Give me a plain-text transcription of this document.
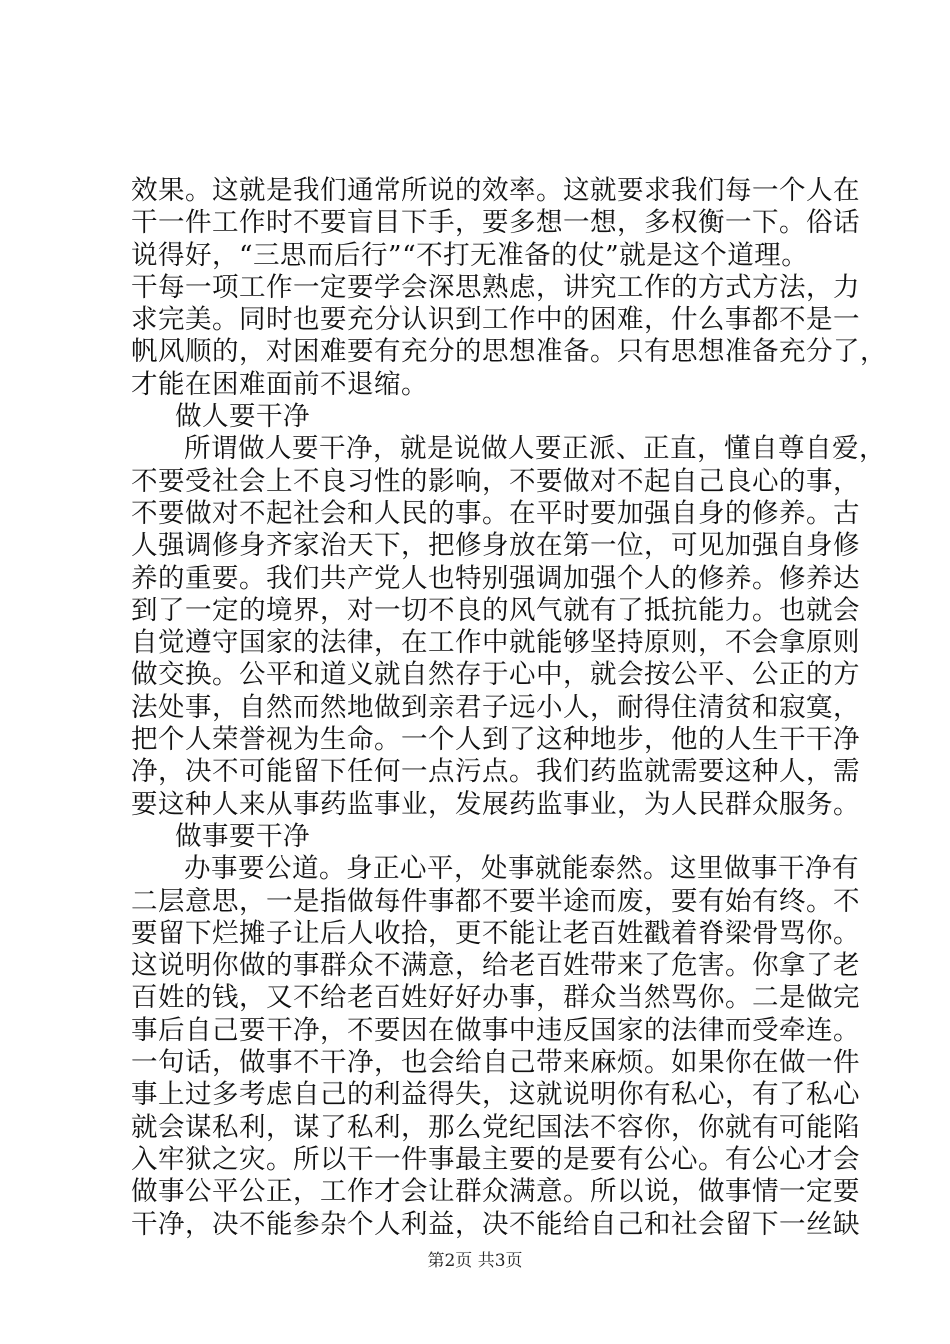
效果。这就是我们通常所说的效率。这就要求我们每一个人在
干一件工作时不要盲目下手，要多想一想，多权衡一下。俗话
说得好，“三思而后行”“不打无准备的仗”就是这个道理。
干每一项工作一定要学会深思熟虑，讲究工作的方式方法，力
求完美。同时也要充分认识到工作中的困难，什么事都不是一
帆风顺的，对困难要有充分的思想准备。只有思想准备充分了，
才能在困难面前不退缩。
做人要干净
所谓做人要干净，就是说做人要正派、正直，懂自尊自爱，
不要受社会上不良习性的影响，不要做对不起自己良心的事，
不要做对不起社会和人民的事。在平时要加强自身的修养。古
人强调修身齐家治天下，把修身放在第一位，可见加强自身修
养的重要。我们共产党人也特别强调加强个人的修养。修养达
到了一定的境界，对一切不良的风气就有了抵抗能力。也就会
自觉遵守国家的法律，在工作中就能够坚持原则，不会拿原则
做交换。公平和道义就自然存于心中，就会按公平、公正的方
法处事，自然而然地做到亲君子远小人，耐得住清贫和寂寞，
把个人荣誉视为生命。一个人到了这种地步，他的人生干干净
净，决不可能留下任何一点污点。我们药监就需要这种人，需
要这种人来从事药监事业，发展药监事业，为人民群众服务。
做事要干净
办事要公道。身正心平，处事就能泰然。这里做事干净有
二层意思，一是指做每件事都不要半途而废，要有始有终。不
要留下烂摊子让后人收拾，更不能让老百姓戳着脊梁骨骂你。
这说明你做的事群众不满意，给老百姓带来了危害。你拿了老
百姓的钱，又不给老百姓好好办事，群众当然骂你。二是做完
事后自己要干净，不要因在做事中违反国家的法律而受牵连。
一句话，做事不干净，也会给自己带来麻烦。如果你在做一件
事上过多考虑自己的利益得失，这就说明你有私心，有了私心
就会谋私利，谋了私利，那么党纪国法不容你，你就有可能陷
入牢狱之灾。所以干一件事最主要的是要有公心。有公心才会
做事公平公正，工作才会让群众满意。所以说，做事情一定要
干净，决不能参杂个人利益，决不能给自己和社会留下一丝缺
第2页 共3页
